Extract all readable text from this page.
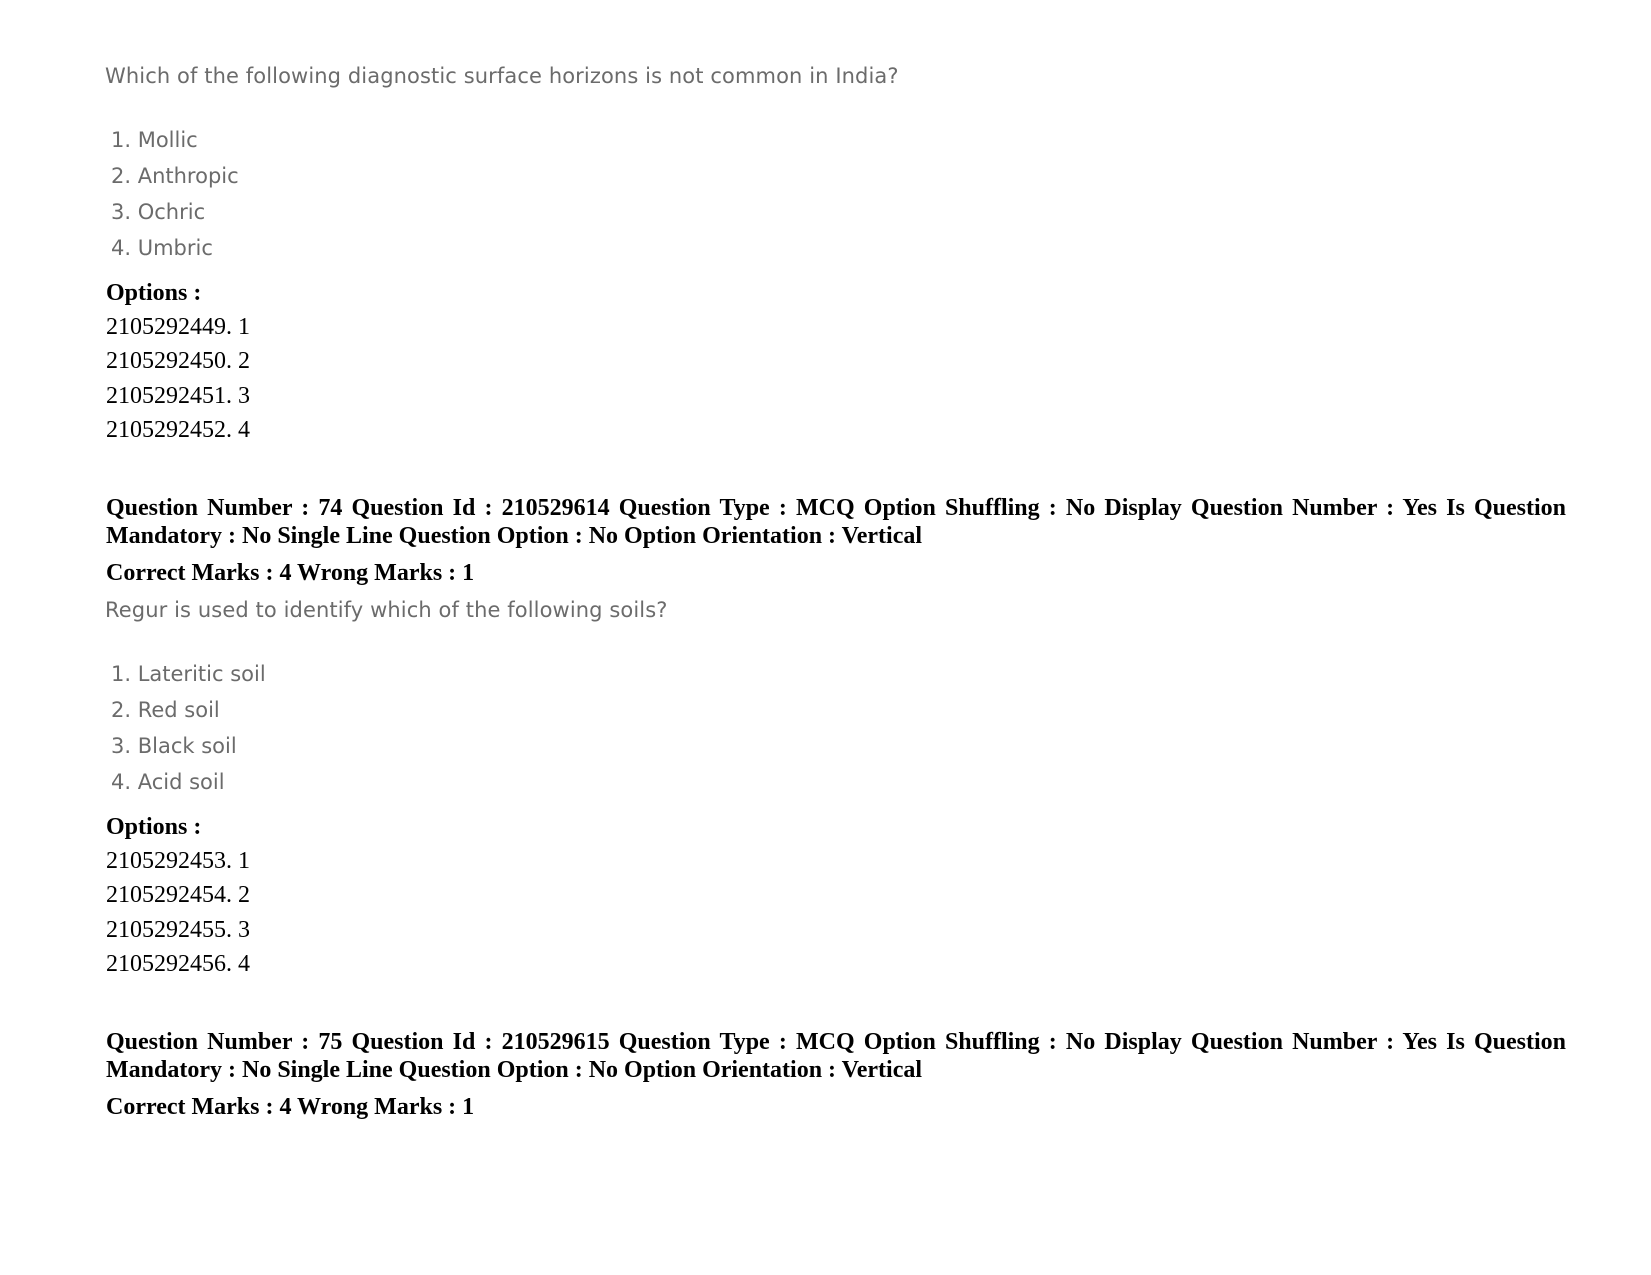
Which of the following diagnostic surface horizons is not common in India?
1. Mollic
2. Anthropic
3. Ochric
4. Umbric
Options :
2105292449. 1
2105292450. 2
2105292451. 3
2105292452. 4
Question Number : 74 Question Id : 210529614 Question Type : MCQ Option Shuffling : No Display Question Number : Yes Is Question Mandatory : No Single Line Question Option : No Option Orientation : Vertical
Correct Marks : 4 Wrong Marks : 1
Regur is used to identify which of the following soils?
1. Lateritic soil
2. Red soil
3. Black soil
4. Acid soil
Options :
2105292453. 1
2105292454. 2
2105292455. 3
2105292456. 4
Question Number : 75 Question Id : 210529615 Question Type : MCQ Option Shuffling : No Display Question Number : Yes Is Question Mandatory : No Single Line Question Option : No Option Orientation : Vertical
Correct Marks : 4 Wrong Marks : 1
